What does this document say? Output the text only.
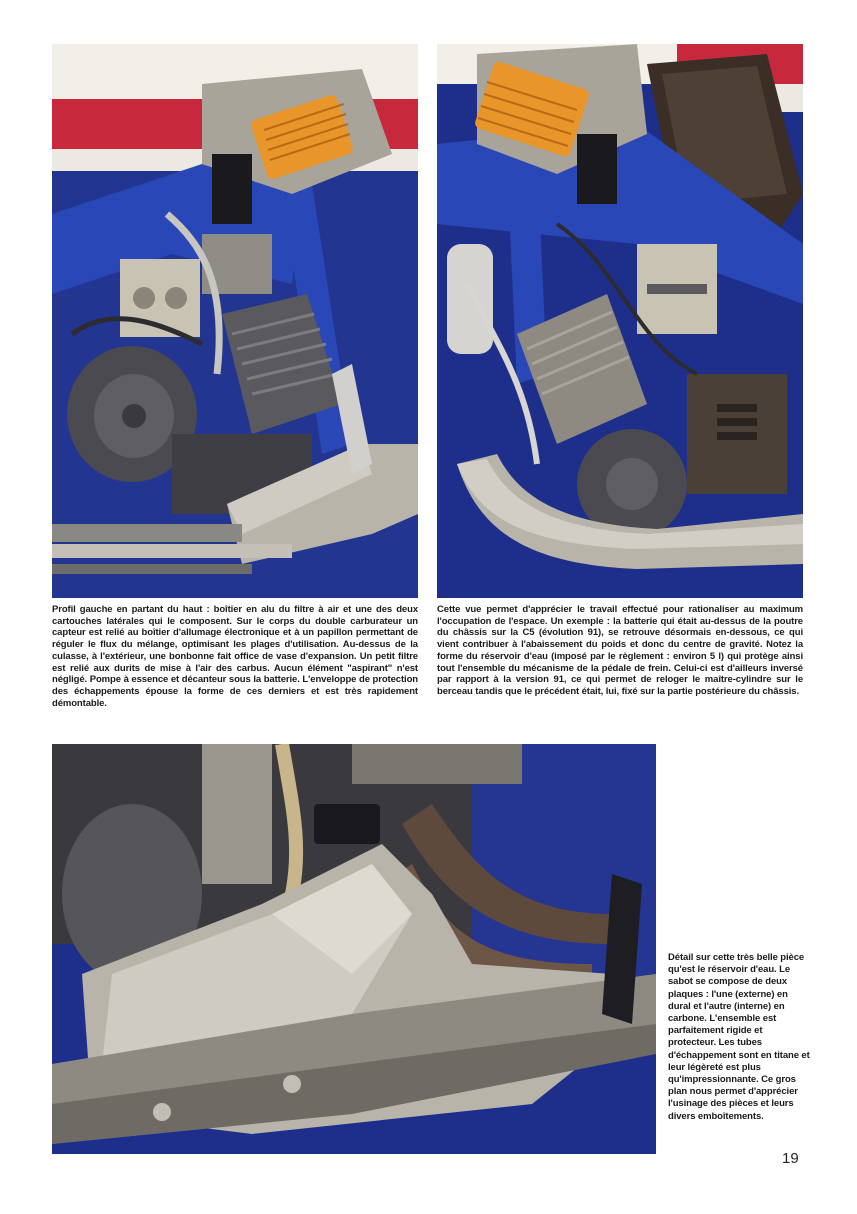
Profil gauche en partant du haut : boîtier en alu du filtre à air et une des deux cartouches latérales qui le composent. Sur le corps du double carburateur un capteur est relié au boîtier d'allumage électronique et à un papillon permettant de réguler le flux du mélange, optimisant les plages d'utilisation. Au-dessus de la culasse, à l'extérieur, une bonbonne fait office de vase d'expansion. Un petit filtre est relié aux durits de mise à l'air des carbus. Aucun élément "aspirant" n'est négligé. Pompe à essence et décanteur sous la batterie. L'enveloppe de protection des échappements épouse la forme de ces derniers et est très rapidement démontable.
Cette vue permet d'apprécier le travail effectué pour rationaliser au maximum l'occupation de l'espace. Un exemple : la batterie qui était au-dessus de la poutre du châssis sur la C5 (évolution 91), se retrouve désormais en-dessous, ce qui vient contribuer à l'abaissement du poids et donc du centre de gravité. Notez la forme du réservoir d'eau (imposé par le règlement : environ 5 l) qui protège ainsi tout l'ensemble du mécanisme de la pédale de frein. Celui-ci est d'ailleurs inversé par rapport à la version 91, ce qui permet de reloger le maître-cylindre sur le berceau tandis que le précédent était, lui, fixé sur la partie postérieure du châssis.
Détail sur cette très belle pièce qu'est le réservoir d'eau. Le sabot se compose de deux plaques : l'une (externe) en dural et l'autre (interne) en carbone. L'ensemble est parfaitement rigide et protecteur. Les tubes d'échappement sont en titane et leur légèreté est plus qu'impressionnante. Ce gros plan nous permet d'apprécier l'usinage des pièces et leurs divers emboîtements.
19
